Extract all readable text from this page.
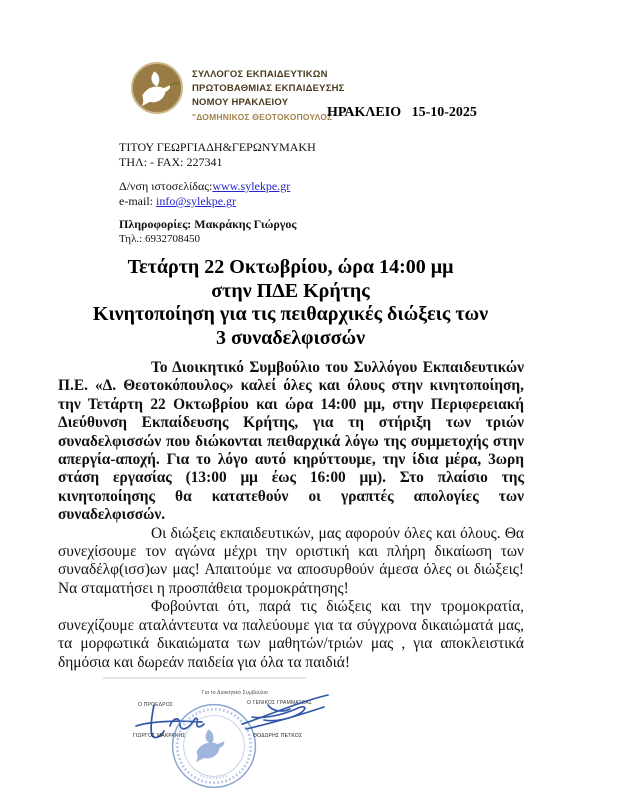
ΣΥΛΛΟΓΟΣ ΕΚΠΑΙΔΕΥΤΙΚΩΝ
ΠΡΩΤΟΒΑΘΜΙΑΣ ΕΚΠΑΙΔΕΥΣΗΣ
ΝΟΜΟΥ ΗΡΑΚΛΕΙΟΥ
"ΔΟΜΗΝΙΚΟΣ ΘΕΟΤΟΚΟΠΟΥΛΟΣ"
ΗΡΑΚΛΕΙΟ   15-10-2025
ΤΙΤΟΥ ΓΕΩΡΓΙΑΔΗ&ΓΕΡΩΝΥΜΑΚΗ
ΤΗΛ: - FAX: 227341
Δ/νση ιστοσελίδας:www.sylekpe.gr
e-mail: info@sylekpe.gr
Πληροφορίες: Μακράκης Γιώργος
Τηλ.: 6932708450
Τετάρτη 22 Οκτωβρίου, ώρα 14:00 μμ
στην ΠΔΕ Κρήτης
Κινητοποίηση για τις πειθαρχικές διώξεις των
3 συναδελφισσών

Το Διοικητικό Συμβούλιο του Συλλόγου Εκπαιδευτικών Π.Ε. «Δ. Θεοτοκόπουλος» καλεί όλες και όλους στην κινητοποίηση, την Τετάρτη 22 Οκτωβρίου και ώρα 14:00 μμ, στην Περιφερειακή Διεύθυνση Εκπαίδευσης Κρήτης, για τη στήριξη των τριών συναδελφισσών που διώκονται πειθαρχικά λόγω της συμμετοχής στην απεργία-αποχή. Για το λόγο αυτό κηρύττουμε, την ίδια μέρα, 3ωρη στάση εργασίας (13:00 μμ έως 16:00 μμ). Στο πλαίσιο της κινητοποίησης θα κατατεθούν οι γραπτές απολογίες των συναδελφισσών.

Οι διώξεις εκπαιδευτικών, μας αφορούν όλες και όλους. Θα συνεχίσουμε τον αγώνα μέχρι την οριστική και πλήρη δικαίωση των συναδέλφ(ισσ)ων μας! Απαιτούμε να αποσυρθούν άμεσα όλες οι διώξεις! Να σταματήσει η προσπάθεια τρομοκράτησης!

Φοβούνται ότι, παρά τις διώξεις και την τρομοκρατία, συνεχίζουμε αταλάντευτα να παλεύουμε για τα σύγχρονα δικαιώματά μας, τα μορφωτικά δικαιώματα των μαθητών/τριών μας , για αποκλειστικά δημόσια και δωρεάν παιδεία για όλα τα παιδιά!

Για το Διοικητικό Συμβούλιο
Ο ΠΡΟΕΔΡΟΣ
ΓΙΩΡΓΟΣ ΜΑΚΡΑΚΗΣ
Ο ΓΕΝΙΚΟΣ ΓΡΑΜΜΑΤΕΑΣ
ΘΟΔΩΡΗΣ ΠΕΤΚΟΣ
